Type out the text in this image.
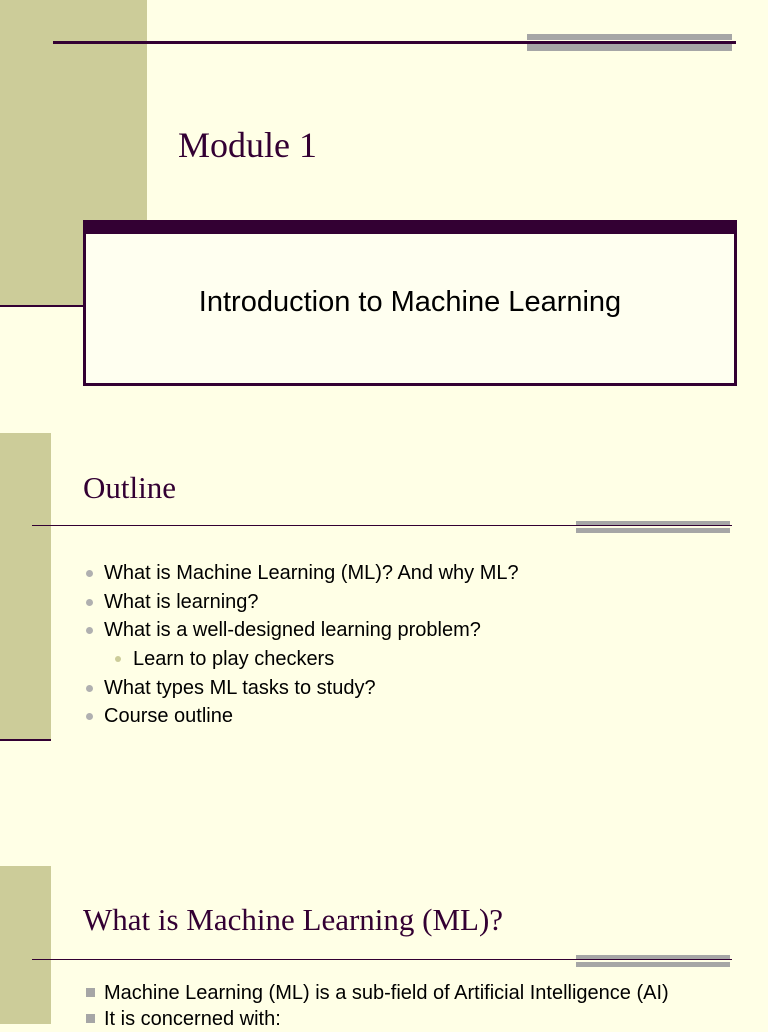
Module 1
Introduction to Machine Learning
Outline
What is Machine Learning (ML)? And why ML?
What is learning?
What is a well-designed learning problem?
Learn to play checkers
What types ML tasks to study?
Course outline
What is Machine Learning (ML)?
Machine Learning (ML) is a sub-field of Artificial Intelligence (AI)
It is concerned with:
